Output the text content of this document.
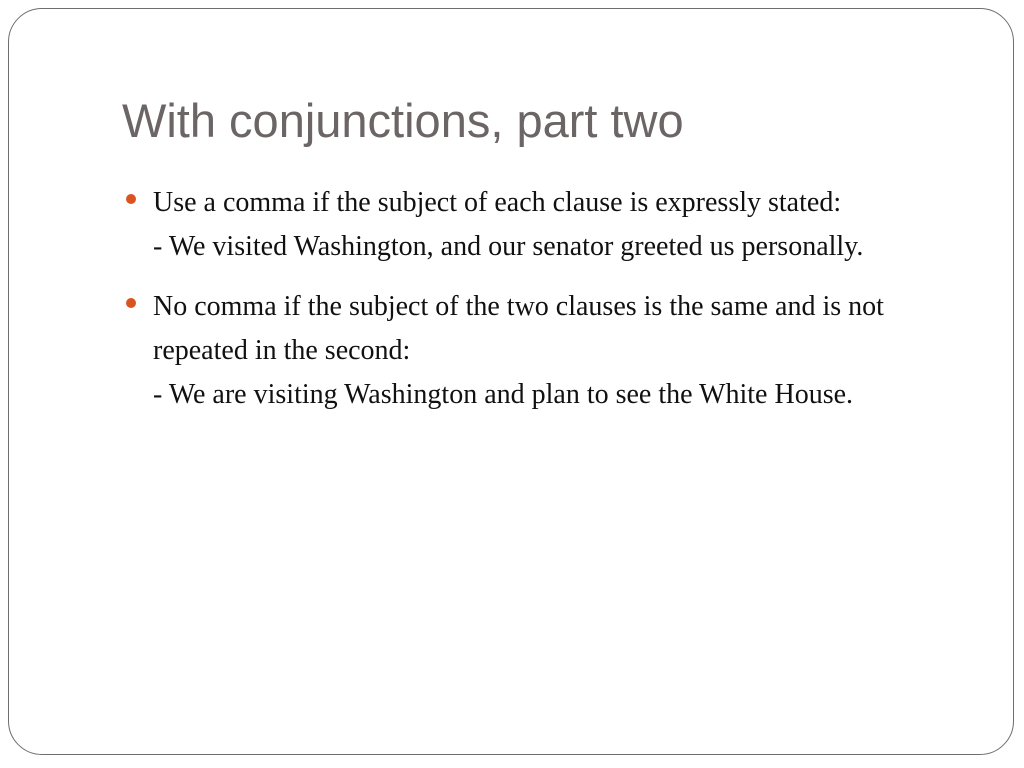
With conjunctions, part two
Use a comma if the subject of each clause is expressly stated:
- We visited Washington, and our senator greeted us personally.
No comma if the subject of the two clauses is the same and is not repeated in the second:
- We are visiting Washington and plan to see the White House.
